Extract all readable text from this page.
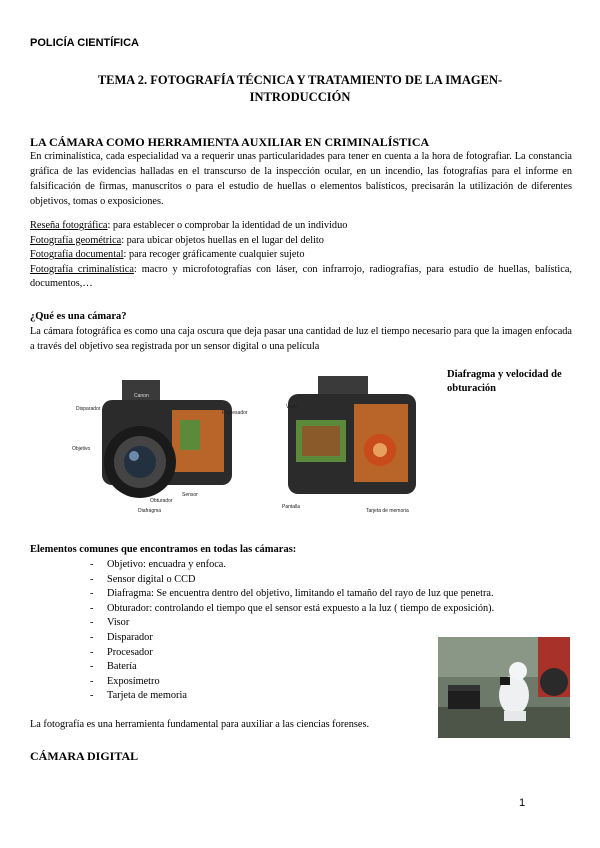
POLICÍA CIENTÍFICA
TEMA 2. FOTOGRAFÍA TÉCNICA Y TRATAMIENTO DE LA IMAGEN-
INTRODUCCIÓN
LA CÁMARA COMO HERRAMIENTA AUXILIAR EN CRIMINALÍSTICA
En criminalística, cada especialidad va a requerir unas particularidades para tener en cuenta a la hora de fotografiar. La constancia gráfica de las evidencias halladas en el transcurso de la inspección ocular, en un incendio, las fotografías para el informe en falsificación de firmas, manuscritos o para el estudio de huellas o elementos balísticos, precisarán la utilización de diferentes objetivos, tomas o exposiciones.
Reseña fotográfica: para establecer o comprobar la identidad de un individuo
Fotografía geométrica: para ubicar objetos huellas en el lugar del delito
Fotografía documental: para recoger gráficamente cualquier sujeto
Fotografía criminalística: macro y microfotografías con láser, con infrarrojo, radiografías, para estudio de huellas, balística, documentos,…
¿Qué es una cámara?
La cámara fotográfica es como una caja oscura que deja pasar una cantidad de luz el tiempo necesario para que la imagen enfocada a través del objetivo sea registrada por un sensor digital o una película
Canon
Disparador
Procesador
Objetivo
Obturador
Sensor
Diafragma
Visor
Pantalla
Tarjeta de memoria
Diafragma y velocidad de obturación
Elementos comunes que encontramos en todas las cámaras:
- Objetivo: encuadra y enfoca.
- Sensor digital o CCD
- Diafragma: Se encuentra dentro del objetivo, limitando el tamaño del rayo de luz que penetra.
- Obturador: controlando el tiempo que el sensor está expuesto a la luz ( tiempo de exposición).
- Visor
- Disparador
- Procesador
- Batería
- Exposímetro
- Tarjeta de memoria
La fotografía es una herramienta fundamental para auxiliar a las ciencias forenses.
CÁMARA DIGITAL
1
